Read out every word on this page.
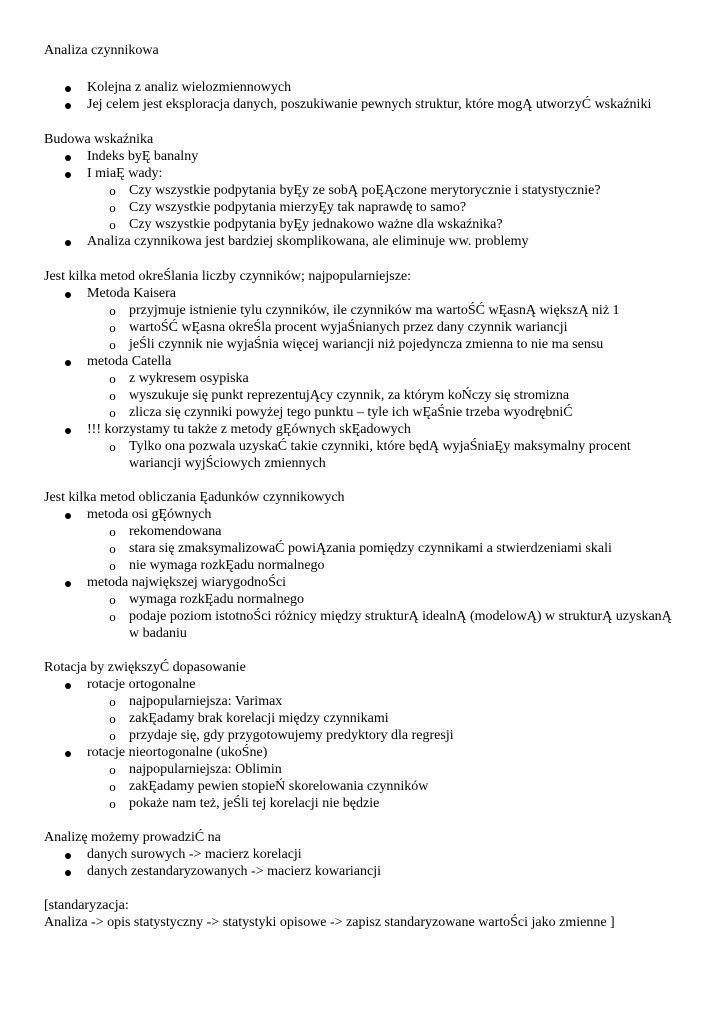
Analiza czynnikowa
Kolejna z analiz wielozmiennowych
Jej celem jest eksploracja danych, poszukiwanie pewnych struktur, które mogĄ utworzyĆ wskaźniki
Budowa wskaźnika
Indeks byĘ banalny
I miaĘ wady:
o Czy wszystkie podpytania byĘy ze sobĄ poĘĄczone merytorycznie i statystycznie?
o Czy wszystkie podpytania mierzyĘy tak naprawdę to samo?
o Czy wszystkie podpytania byĘy jednakowo ważne dla wskaźnika?
Analiza czynnikowa jest bardziej skomplikowana, ale eliminuje ww. problemy
Jest kilka metod okreŚlania liczby czynników; najpopularniejsze:
Metoda Kaisera
o przyjmuje istnienie tylu czynników, ile czynników ma wartoŚĆ wĘasnĄ większĄ niż 1
o wartoŚĆ wĘasna okreŚla procent wyjaŚnianych przez dany czynnik wariancji
o jeŚli czynnik nie wyjaŚnia więcej wariancji niż pojedyncza zmienna to nie ma sensu
metoda Catella
o z wykresem osypiska
o wyszukuje się punkt reprezentujĄcy czynnik, za którym koŃczy się stromizna
o zlicza się czynniki powyżej tego punktu – tyle ich wĘaŚnie trzeba wyodrębniĆ
!!! korzystamy tu także z metody gĘównych skĘadowych
o Tylko ona pozwala uzyskaĆ takie czynniki, które będĄ wyjaŚniaĘy maksymalny procent
wariancji wyjŚciowych zmiennych
Jest kilka metod obliczania Ęadunków czynnikowych
metoda osi gĘównych
o rekomendowana
o stara się zmaksymalizowaĆ powiĄzania pomiędzy czynnikami a stwierdzeniami skali
o nie wymaga rozkĘadu normalnego
metoda największej wiarygodnoŚci
o wymaga rozkĘadu normalnego
o podaje poziom istotnoŚci różnicy między strukturĄ idealnĄ (modelowĄ) w strukturĄ uzyskanĄ
w badaniu
Rotacja by zwiększyĆ dopasowanie
rotacje ortogonalne
o najpopularniejsza: Varimax
o zakĘadamy brak korelacji między czynnikami
o przydaje się, gdy przygotowujemy predyktory dla regresji
rotacje nieortogonalne (ukoŚne)
o najpopularniejsza: Oblimin
o zakĘadamy pewien stopieŃ skorelowania czynników
o pokaże nam też, jeŚli tej korelacji nie będzie
Analizę możemy prowadziĆ na
danych surowych -> macierz korelacji
danych zestandaryzowanych -> macierz kowariancji
[standaryzacja:
Analiza -> opis statystyczny -> statystyki opisowe -> zapisz standaryzowane wartoŚci jako zmienne ]
